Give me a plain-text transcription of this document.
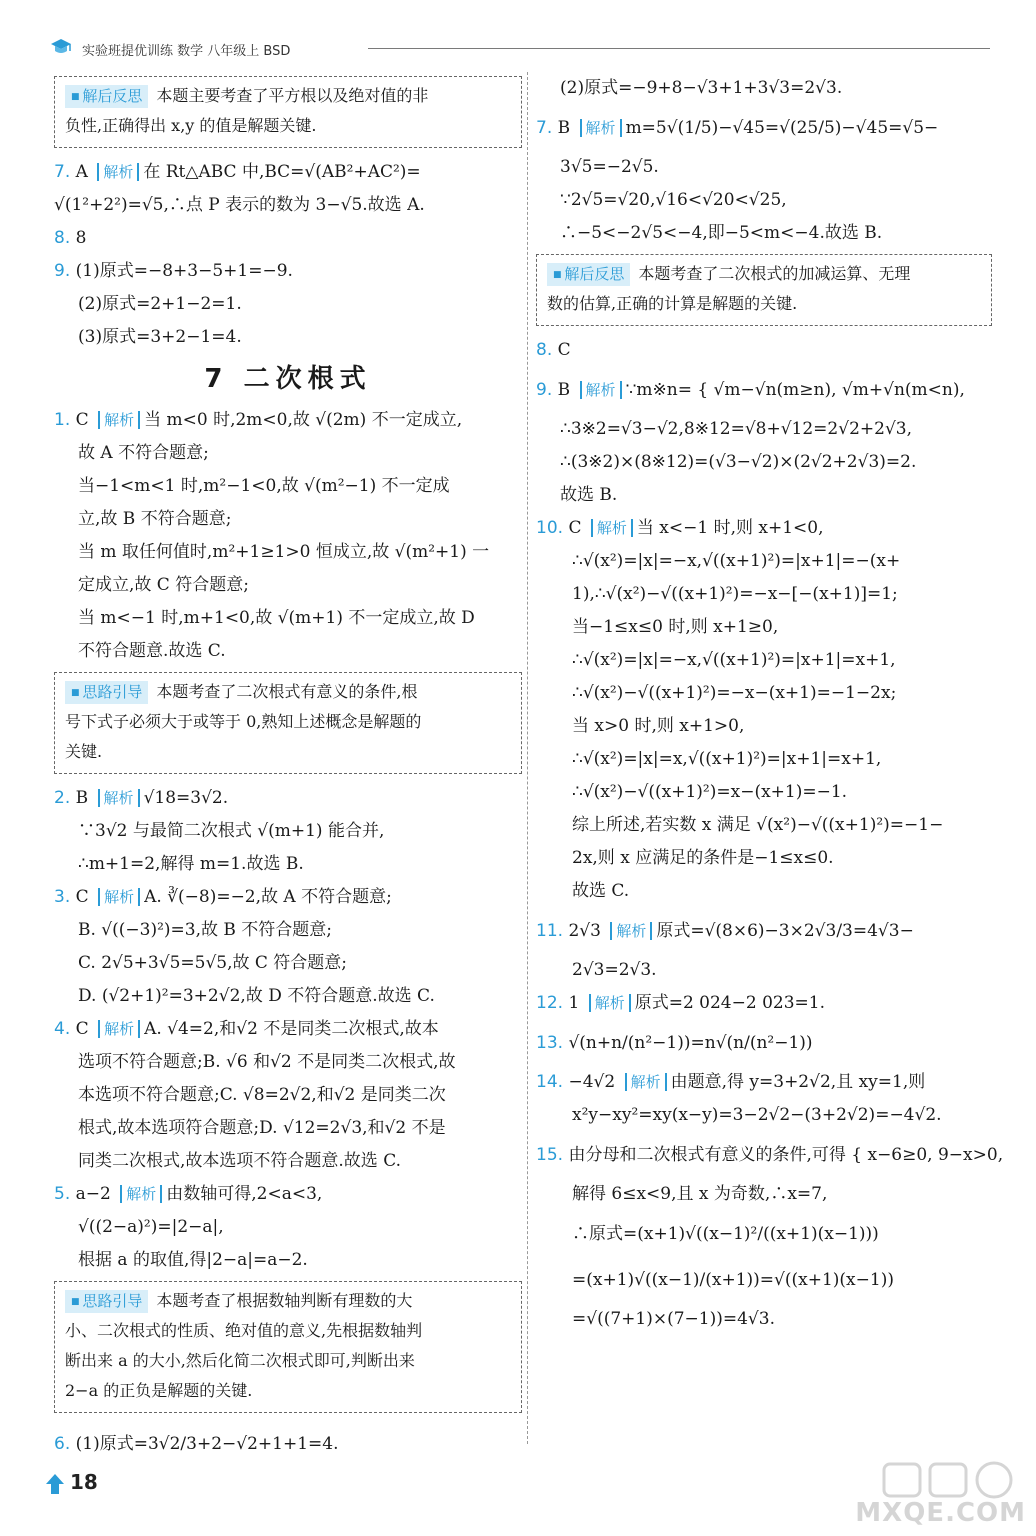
实验班提优训练 数学 八年级上 BSD
■ 解后反思 本题主要考查了平方根以及绝对值的非
负性,正确得出 x,y 的值是解题关键.
7. A 解析 在 Rt△ABC 中,BC=√(AB²+AC²)=
√(1²+2²)=√5,∴点 P 表示的数为 3−√5.故选 A.
8. 8
9. (1)原式=−8+3−5+1=−9.
(2)原式=2+1−2=1.
(3)原式=3+2−1=4.
7 二次根式
1. C 解析 当 m<0 时,2m<0,故 √(2m) 不一定成立,
故 A 不符合题意;
当−1<m<1 时,m²−1<0,故 √(m²−1) 不一定成
立,故 B 不符合题意;
当 m 取任何值时,m²+1≥1>0 恒成立,故 √(m²+1) 一
定成立,故 C 符合题意;
当 m<−1 时,m+1<0,故 √(m+1) 不一定成立,故 D
不符合题意.故选 C.
■ 思路引导 本题考查了二次根式有意义的条件,根
号下式子必须大于或等于 0,熟知上述概念是解题的
关键.
2. B 解析 √18=3√2.
∵3√2 与最简二次根式 √(m+1) 能合并,
∴m+1=2,解得 m=1.故选 B.
3. C 解析 A. ∛(−8)=−2,故 A 不符合题意;
B. √((−3)²)=3,故 B 不符合题意;
C. 2√5+3√5=5√5,故 C 符合题意;
D. (√2+1)²=3+2√2,故 D 不符合题意.故选 C.
4. C 解析 A. √4=2,和√2 不是同类二次根式,故本
选项不符合题意;B. √6 和√2 不是同类二次根式,故
本选项不符合题意;C. √8=2√2,和√2 是同类二次
根式,故本选项符合题意;D. √12=2√3,和√2 不是
同类二次根式,故本选项不符合题意.故选 C.
5. a−2 解析 由数轴可得,2<a<3,
√((2−a)²)=|2−a|,
根据 a 的取值,得|2−a|=a−2.
■ 思路引导 本题考查了根据数轴判断有理数的大
小、二次根式的性质、绝对值的意义,先根据数轴判
断出来 a 的大小,然后化简二次根式即可,判断出来
2−a 的正负是解题的关键.
6. (1)原式=3√2/3+2−√2+1+1=4.
(2)原式=−9+8−√3+1+3√3=2√3.
7. B 解析 m=5√(1/5)−√45=√(25/5)−√45=√5−
3√5=−2√5.
∵2√5=√20,√16<√20<√25,
∴−5<−2√5<−4,即−5<m<−4.故选 B.
■ 解后反思 本题考查了二次根式的加减运算、无理
数的估算,正确的计算是解题的关键.
8. C
9. B 解析 ∵m※n= { √m−√n(m≥n), √m+√n(m<n),
∴3※2=√3−√2,8※12=√8+√12=2√2+2√3,
∴(3※2)×(8※12)=(√3−√2)×(2√2+2√3)=2.
故选 B.
10. C 解析 当 x<−1 时,则 x+1<0,
∴√(x²)=|x|=−x,√((x+1)²)=|x+1|=−(x+
1),∴√(x²)−√((x+1)²)=−x−[−(x+1)]=1;
当−1≤x≤0 时,则 x+1≥0,
∴√(x²)=|x|=−x,√((x+1)²)=|x+1|=x+1,
∴√(x²)−√((x+1)²)=−x−(x+1)=−1−2x;
当 x>0 时,则 x+1>0,
∴√(x²)=|x|=x,√((x+1)²)=|x+1|=x+1,
∴√(x²)−√((x+1)²)=x−(x+1)=−1.
综上所述,若实数 x 满足 √(x²)−√((x+1)²)=−1−
2x,则 x 应满足的条件是−1≤x≤0.
故选 C.
11. 2√3 解析 原式=√(8×6)−3×2√3/3=4√3−
2√3=2√3.
12. 1 解析 原式=2 024−2 023=1.
13. √(n+n/(n²−1))=n√(n/(n²−1))
14. −4√2 解析 由题意,得 y=3+2√2,且 xy=1,则
x²y−xy²=xy(x−y)=3−2√2−(3+2√2)=−4√2.
15. 由分母和二次根式有意义的条件,可得 { x−6≥0, 9−x>0,
解得 6≤x<9,且 x 为奇数,∴x=7,
∴原式=(x+1)√((x−1)²/((x+1)(x−1)))
=(x+1)√((x−1)/(x+1))=√((x+1)(x−1))
=√((7+1)×(7−1))=4√3.
18
MXQE.COM
